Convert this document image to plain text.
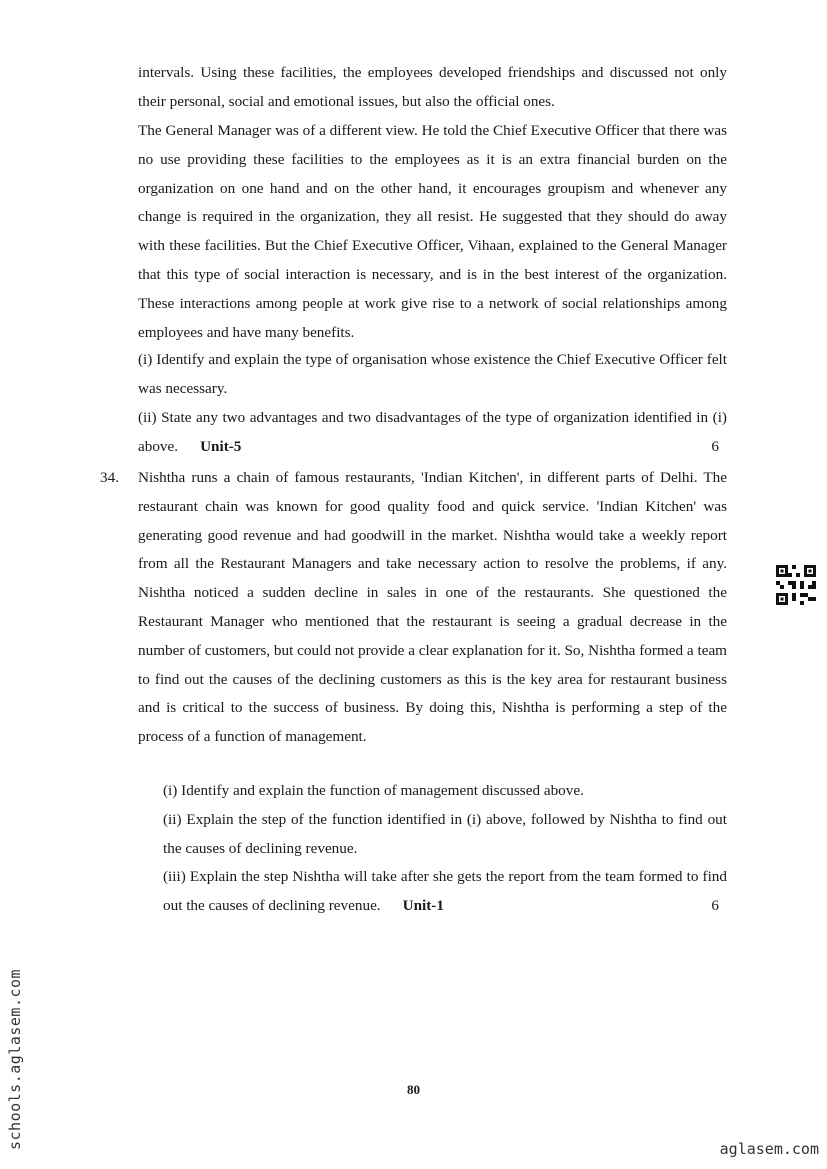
intervals. Using these facilities, the employees developed friendships and discussed not only their personal, social and emotional issues, but also the official ones.

The General Manager was of a different view. He told the Chief Executive Officer that there was no use providing these facilities to the employees as it is an extra financial burden on the organization on one hand and on the other hand, it encourages groupism and whenever any change is required in the organization, they all resist. He suggested that they should do away with these facilities. But the Chief Executive Officer, Vihaan, explained to the General Manager that this type of social interaction is necessary, and is in the best interest of the organization. These interactions among people at work give rise to a network of social relationships among employees and have many benefits.

(i) Identify and explain the type of organisation whose existence the Chief Executive Officer felt was necessary.

(ii) State any two advantages and two disadvantages of the type of organization identified in (i) above. Unit-5	6

34. Nishtha runs a chain of famous restaurants, 'Indian Kitchen', in different parts of Delhi. The restaurant chain was known for good quality food and quick service. 'Indian Kitchen' was generating good revenue and had goodwill in the market. Nishtha would take a weekly report from all the Restaurant Managers and take necessary action to resolve the problems, if any. Nishtha noticed a sudden decline in sales in one of the restaurants. She questioned the Restaurant Manager who mentioned that the restaurant is seeing a gradual decrease in the number of customers, but could not provide a clear explanation for it. So, Nishtha formed a team to find out the causes of the declining customers as this is the key area for restaurant business and is critical to the success of business. By doing this, Nishtha is performing a step of the process of a function of management.

(i) Identify and explain the function of management discussed above.

(ii) Explain the step of the function identified in (i) above, followed by Nishtha to find out the causes of declining revenue.

(iii) Explain the step Nishtha will take after she gets the report from the team formed to find out the causes of declining revenue. Unit-1	6

80
schools.aglasem.com	aglasem.com
